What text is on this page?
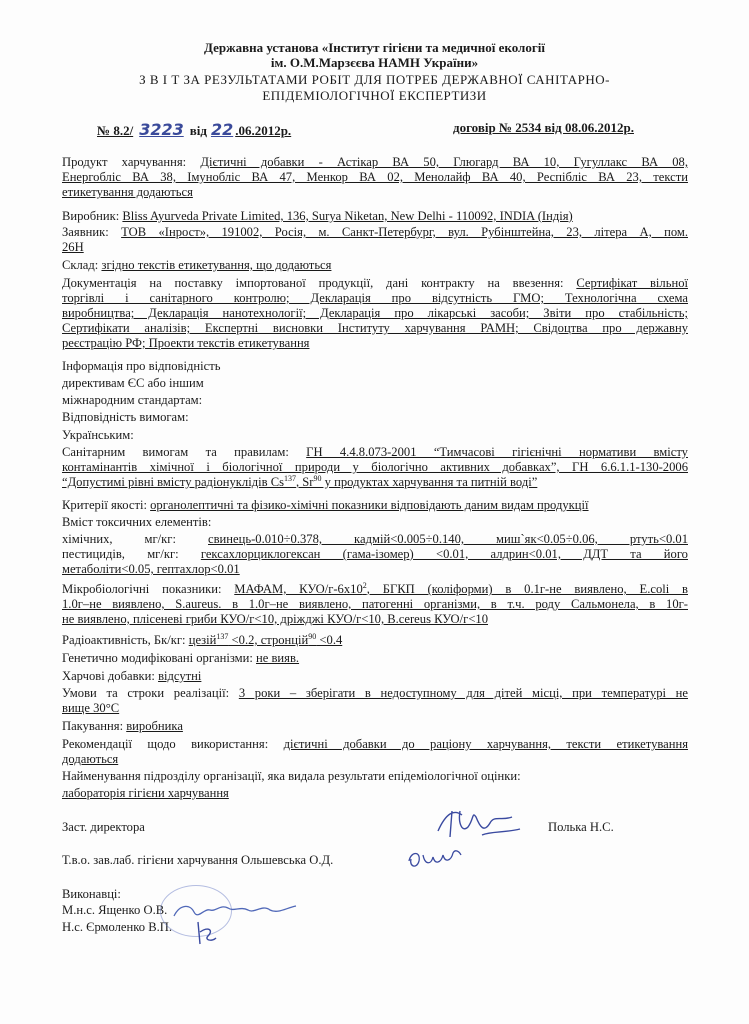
Державна установа «Інститут гігієни та медичної екології
ім. О.М.Марзєєва НАМН України»
З В І Т ЗА РЕЗУЛЬТАТАМИ РОБІТ ДЛЯ ПОТРЕБ ДЕРЖАВНОЇ САНІТАРНО-
ЕПІДЕМІОЛОГІЧНОЇ ЕКСПЕРТИЗИ
№ 8.2/ 3223 від 22 .06.2012р.	договір № 2534 від 08.06.2012р.
Продукт харчування: Дієтичні добавки - Астікар ВА 50, Глюгард ВА 10, Гугуллакс ВА 08,
Енергобліс ВА 38, Імунобліс ВА 47, Менкор ВА 02, Менолайф ВА 40, Респібліс ВА 23, тексти
етикетування додаються
Виробник: Bliss Ayurveda Private Limited, 136, Surya Niketan, New Delhi - 110092, INDIA (Індія)
Заявник: ТОВ «Інрост», 191002, Росія, м. Санкт-Петербург, вул. Рубінштейна, 23, літера А, пом.
26Н
Склад: згідно текстів етикетування, що додаються
Документація на поставку імпортованої продукції, дані контракту на ввезення: Сертифікат вільної
торгівлі і санітарного контролю; Декларація про відсутність ГМО; Технологічна схема
виробництва; Декларація нанотехнології; Декларація про лікарські засоби; Звіти про стабільність;
Сертифікати аналізів; Експертні висновки Інституту харчування РАМН; Свідоцтва про державну
реєстрацію РФ; Проекти текстів етикетування
Інформація про відповідність
директивам ЄС або іншим
міжнародним стандартам:
Відповідність вимогам:
Українським:
Санітарним вимогам та правилам: ГН 4.4.8.073-2001 “Тимчасові гігієнічні нормативи вмісту
контамінантів хімічної і біологічної природи у біологічно активних добавках”, ГН 6.6.1.1-130-2006
“Допустимі рівні вмісту радіонуклідів Cs$^{137}$, Sr$^{90}$ у продуктах харчування та питній воді”
Критерії якості: органолептичні та фізико-хімічні показники відповідають даним видам продукції
Вміст токсичних елементів:
хімічних, мг/кг:	свинець-0.010÷0.378, кадмій<0.005÷0.140, миш`як<0.05÷0.06, ртуть<0.01
пестицидів, мг/кг: гексахлорциклогексан (гама-ізомер) <0.01, алдрин<0.01, ДДТ та його
метаболіти<0.05, гептахлор<0.01
Мікробіологічні показники: МАФАМ, КУО/$г-6х10^2$, БГКП (коліформи) в 0.1г-не виявлено, E.coli в
1.0г–не виявлено, S.aureus. в 1.0г–не виявлено, патогенні організми, в т.ч. роду Сальмонела, в 10г-
не виявлено, плісеневі гриби КУО/г<10, дріжджі КУО/г<10, B.cereus КУО/г<10
Радіоактивність, Бк/кг: цезій$^{137}$ <0.2, стронцій$^{90}$ <0.4
Генетично модифіковані організми: не вияв.
Харчові добавки: відсутні
Умови та строки реалізації: 3 роки – зберігати в недоступному для дітей місці, при температурі не
вище 30°С
Пакування: виробника
Рекомендації щодо використання: дієтичні добавки до раціону харчування, тексти етикетування
додаються
Найменування підрозділу організації, яка видала результати епідеміологічної оцінки:
лабораторія гігієни харчування
Заст. директора	Полька Н.С.
Т.в.о. зав.лаб. гігієни харчування Ольшевська О.Д.
Виконавці:
М.н.с. Ященко О.В.
Н.с. Єрмоленко В.П.
